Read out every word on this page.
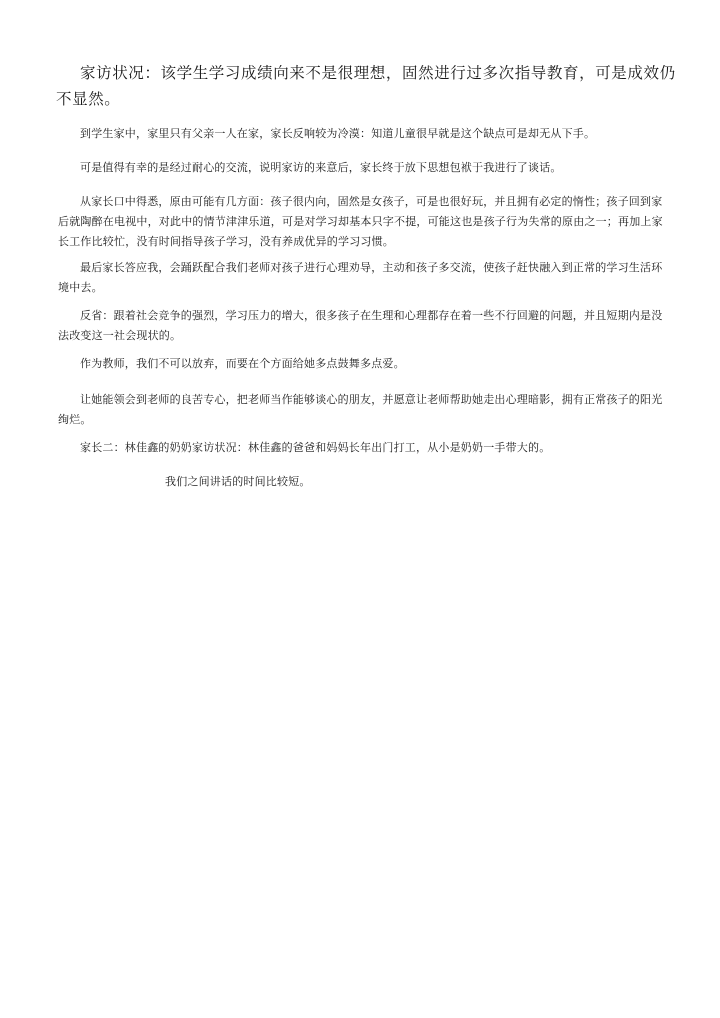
家访状况：该学生学习成绩向来不是很理想，固然进行过多次指导教育，可是成效仍不显然。

到学生家中，家里只有父亲一人在家，家长反响较为冷漠：知道儿童很早就是这个缺点可是却无从下手。

可是值得有幸的是经过耐心的交流，说明家访的来意后，家长终于放下思想包袱于我进行了谈话。

从家长口中得悉，原由可能有几方面：孩子很内向，固然是女孩子，可是也很好玩，并且拥有必定的惰性；孩子回到家后就陶醉在电视中，对此中的情节津津乐道，可是对学习却基本只字不提，可能这也是孩子行为失常的原由之一；再加上家长工作比较忙，没有时间指导孩子学习，没有养成优异的学习习惯。

最后家长答应我，会踊跃配合我们老师对孩子进行心理劝导，主动和孩子多交流，使孩子赶快融入到正常的学习生活环境中去。

反省：跟着社会竞争的强烈，学习压力的增大，很多孩子在生理和心理都存在着一些不行回避的问题，并且短期内是没法改变这一社会现状的。

作为教师，我们不可以放弃，而要在个方面给她多点鼓舞多点爱。

让她能领会到老师的良苦专心，把老师当作能够谈心的朋友，并愿意让老师帮助她走出心理暗影，拥有正常孩子的阳光绚烂。

家长二：林佳鑫的奶奶家访状况：林佳鑫的爸爸和妈妈长年出门打工，从小是奶奶一手带大的。

我们之间讲话的时间比较短。
